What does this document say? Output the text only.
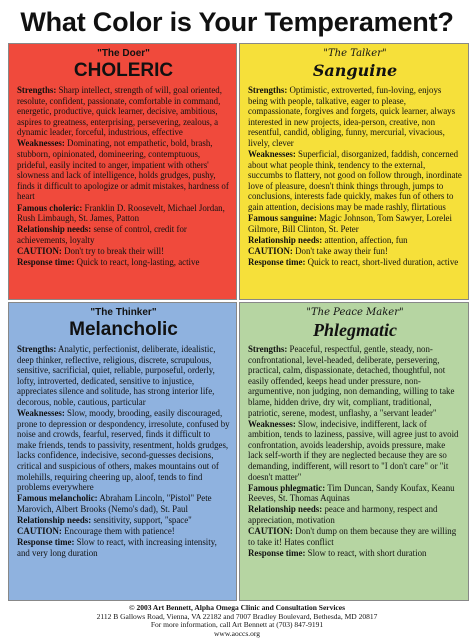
What Color is Your Temperament?
"The Doer"
CHOLERIC

Strengths: Sharp intellect, strength of will, goal oriented, resolute, confident, passionate, comfortable in command, energetic, productive, quick learner, decisive, ambitious, aspires to greatness, enterprising, persevering, zealous, a dynamic leader, forceful, industrious, effective

Weaknesses: Dominating, not empathetic, bold, brash, stubborn, opinionated, domineering, contemptuous, prideful, easily incited to anger, impatient with others' slowness and lack of intelligence, holds grudges, pushy, finds it difficult to apologize or admit mistakes, hardness of heart

Famous choleric: Franklin D. Roosevelt, Michael Jordan, Rush Limbaugh, St. James, Patton

Relationship needs: sense of control, credit for achievements, loyalty

CAUTION: Don't try to break their will!

Response time: Quick to react, long-lasting, active

"The Talker"
Sanguine

Strengths: Optimistic, extroverted, fun-loving, enjoys being with people, talkative, eager to please, compassionate, forgives and forgets, quick learner, always interested in new projects, idea-person, creative, non resentful, candid, obliging, funny, mercurial, vivacious, lively, clever

Weaknesses: Superficial, disorganized, faddish, concerned about what people think, tendency to the external, succumbs to flattery, not good on follow through, inordinate love of pleasure, doesn't think things through, jumps to conclusions, interests fade quickly, makes fun of others to gain attention, decisions may be made rashly, flirtatious

Famous sanguine: Magic Johnson, Tom Sawyer, Lorelei Gilmore, Bill Clinton, St. Peter

Relationship needs: attention, affection, fun

CAUTION: Don't take away their fun!

Response time: Quick to react, short-lived duration, active

"The Thinker"
Melancholic

Strengths: Analytic, perfectionist, deliberate, idealistic, deep thinker, reflective, religious, discrete, scrupulous, sensitive, sacrificial, quiet, reliable, purposeful, orderly, lofty, introverted, dedicated, sensitive to injustice, appreciates silence and solitude, has strong interior life, decorous, noble, cautious, particular

Weaknesses: Slow, moody, brooding, easily discouraged, prone to depression or despondency, irresolute, confused by noise and crowds, fearful, reserved, finds it difficult to make friends, tends to passivity, resentment, holds grudges, lacks confidence, indecisive, second-guesses decisions, critical and suspicious of others, makes mountains out of molehills, requiring cheering up, aloof, tends to find problems everywhere

Famous melancholic: Abraham Lincoln, "Pistol" Pete Marovich, Albert Brooks (Nemo's dad), St. Paul

Relationship needs: sensitivity, support, "space"

CAUTION: Encourage them with patience!

Response time: Slow to react, with increasing intensity, and very long duration

"The Peace Maker"
Phlegmatic

Strengths: Peaceful, respectful, gentle, steady, non-confrontational, level-headed, deliberate, persevering, practical, calm, dispassionate, detached, thoughtful, not easily offended, keeps head under pressure, non-argumentive, non judging, non demanding, willing to take blame, hidden drive, dry wit, compliant, traditional, patriotic, serene, modest, unflashy, a "servant leader"

Weaknesses: Slow, indecisive, indifferent, lack of ambition, tends to laziness, passive, will agree just to avoid confrontation, avoids leadership, avoids pressure, make lack self-worth if they are neglected because they are so demanding, indifferent, will resort to "I don't care" or "it doesn't matter"

Famous phlegmatic: Tim Duncan, Sandy Koufax, Keanu Reeves, St. Thomas Aquinas

Relationship needs: peace and harmony, respect and appreciation, motivation

CAUTION: Don't dump on them because they are willing to take it! Hates conflict

Response time: Slow to react, with short duration

© 2003 Art Bennett, Alpha Omega Clinic and Consultation Services
2112 B Gallows Road, Vienna, VA 22182 and 7007 Bradley Boulevard, Bethesda, MD 20817
For more information, call Art Bennett at (703) 847-9191
www.aoccs.org
